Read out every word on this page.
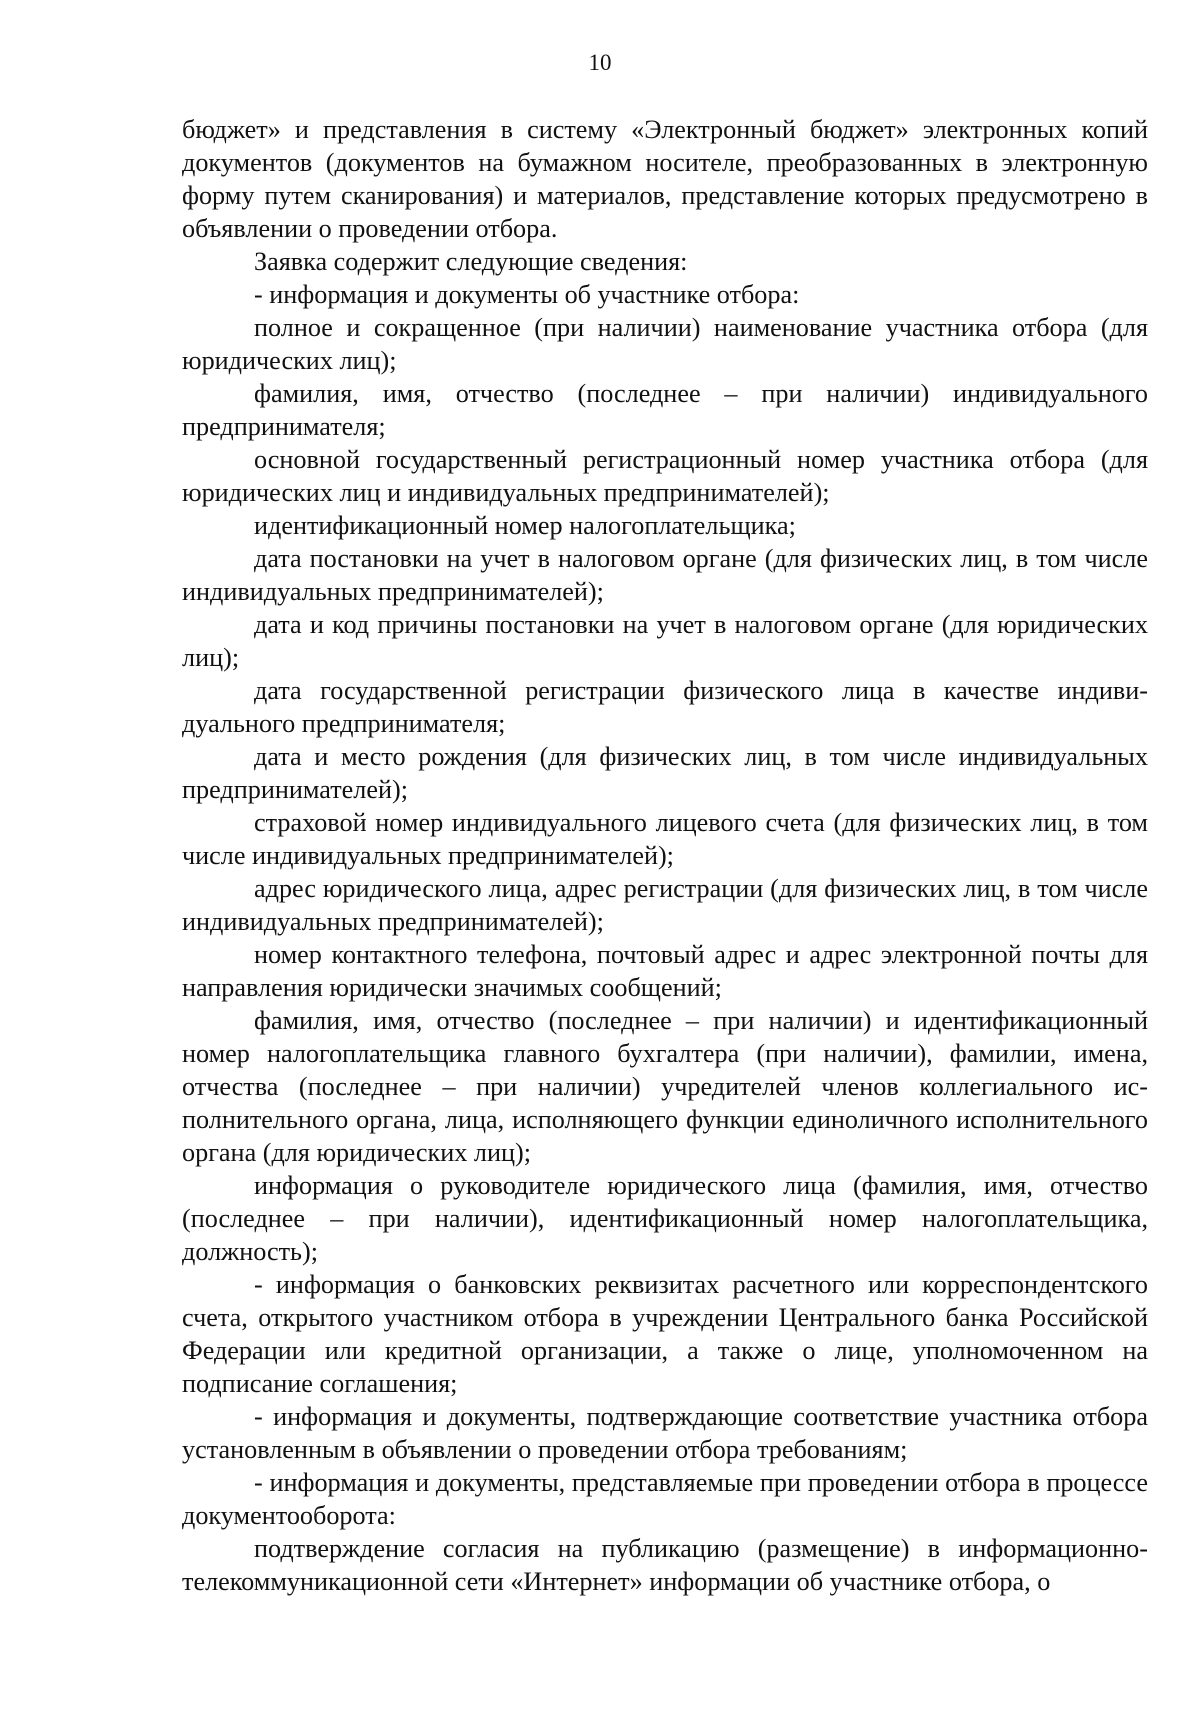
10

бюджет» и представления в систему «Электронный бюджет» электронных копий документов (документов на бумажном носителе, преобразованных в электронную форму путем сканирования) и материалов, представление которых предусмотрено в объявлении о проведении отбора.

Заявка содержит следующие сведения:

- информация и документы об участнике отбора:

полное и сокращенное (при наличии) наименование участника отбора (для юридических лиц);

фамилия, имя, отчество (последнее – при наличии) индивидуального предпринимателя;

основной государственный регистрационный номер участника отбора (для юридических лиц и индивидуальных предпринимателей);

идентификационный номер налогоплательщика;

дата постановки на учет в налоговом органе (для физических лиц, в том числе индивидуальных предпринимателей);

дата и код причины постановки на учет в налоговом органе (для юридических лиц);

дата государственной регистрации физического лица в качестве индивидуального предпринимателя;

дата и место рождения (для физических лиц, в том числе индивидуальных предпринимателей);

страховой номер индивидуального лицевого счета (для физических лиц, в том числе индивидуальных предпринимателей);

адрес юридического лица, адрес регистрации (для физических лиц, в том числе индивидуальных предпринимателей);

номер контактного телефона, почтовый адрес и адрес электронной почты для направления юридически значимых сообщений;

фамилия, имя, отчество (последнее – при наличии) и идентификационный номер налогоплательщика главного бухгалтера (при наличии), фамилии, имена, отчества (последнее – при наличии) учредителей членов коллегиального исполнительного органа, лица, исполняющего функции единоличного исполнительного органа (для юридических лиц);

информация о руководителе юридического лица (фамилия, имя, отчество (последнее – при наличии), идентификационный номер налогоплательщика, должность);

- информация о банковских реквизитах расчетного или корреспондентского счета, открытого участником отбора в учреждении Центрального банка Российской Федерации или кредитной организации, а также о лице, уполномоченном на подписание соглашения;

- информация и документы, подтверждающие соответствие участника отбора установленным в объявлении о проведении отбора требованиям;

- информация и документы, представляемые при проведении отбора в процессе документооборота:

подтверждение согласия на публикацию (размещение) в информационно-телекоммуникационной сети «Интернет» информации об участнике отбора, о
